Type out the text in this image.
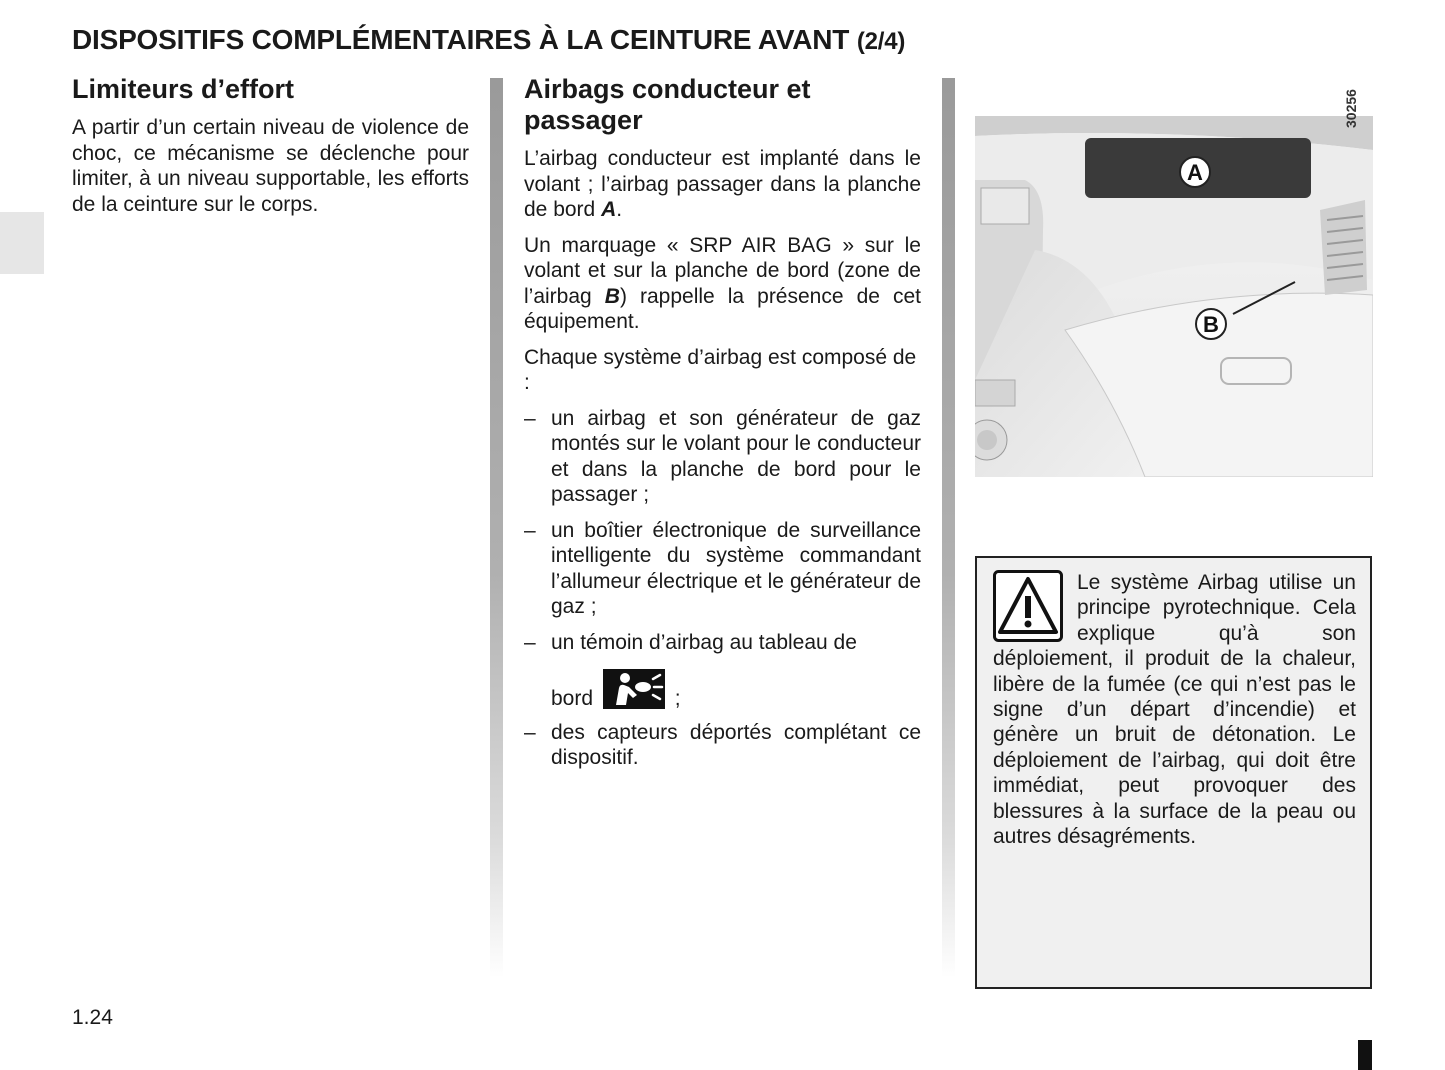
DISPOSITIFS COMPLÉMENTAIRES À LA CEINTURE AVANT (2/4)
Limiteurs d’effort

A partir d’un certain niveau de violence de choc, ce mécanisme se déclenche pour limiter, à un niveau supportable, les efforts de la ceinture sur le corps.

Airbags conducteur et passager

L’airbag conducteur est implanté dans le volant ; l’airbag passager dans la planche de bord A.

Un marquage « SRP AIR BAG » sur le volant et sur la planche de bord (zone de l’airbag B) rappelle la présence de cet équipement.

Chaque système d’airbag est composé de :

– un airbag et son générateur de gaz montés sur le volant pour le conducteur et dans la planche de bord pour le passager ;
– un boîtier électronique de surveillance intelligente du système commandant l’allumeur électrique et le générateur de gaz ;
– un témoin d’airbag au tableau de
bord	;
– des capteurs déportés complétant ce dispositif.
A
B
30256

Le système Airbag utilise un principe pyrotechnique. Cela explique qu’à son déploiement, il produit de la chaleur, libère de la fumée (ce qui n’est pas le signe d’un départ d’incendie) et génère un bruit de détonation. Le déploiement de l’airbag, qui doit être immédiat, peut provoquer des blessures à la surface de la peau ou autres désagréments.

1.24
